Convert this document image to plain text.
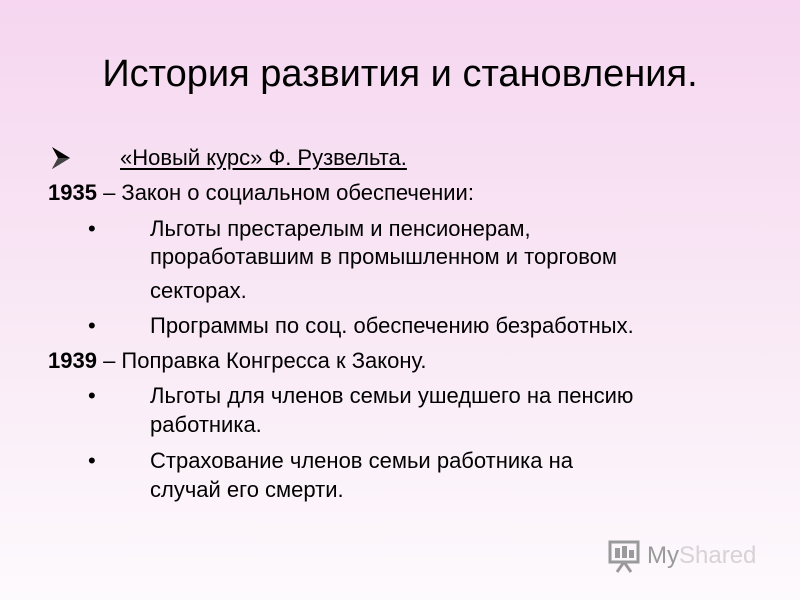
История развития и становления.
«Новый курс» Ф. Рузвельта.
1935 – Закон о социальном обеспечении:
• Льготы престарелым и пенсионерам,
проработавшим в промышленном и торговом
секторах.
• Программы по соц. обеспечению безработных.
1939 – Поправка Конгресса к Закону.
• Льготы для членов семьи ушедшего на пенсию
работника.
• Страхование членов семьи работника на
случай его смерти.
MyShared
